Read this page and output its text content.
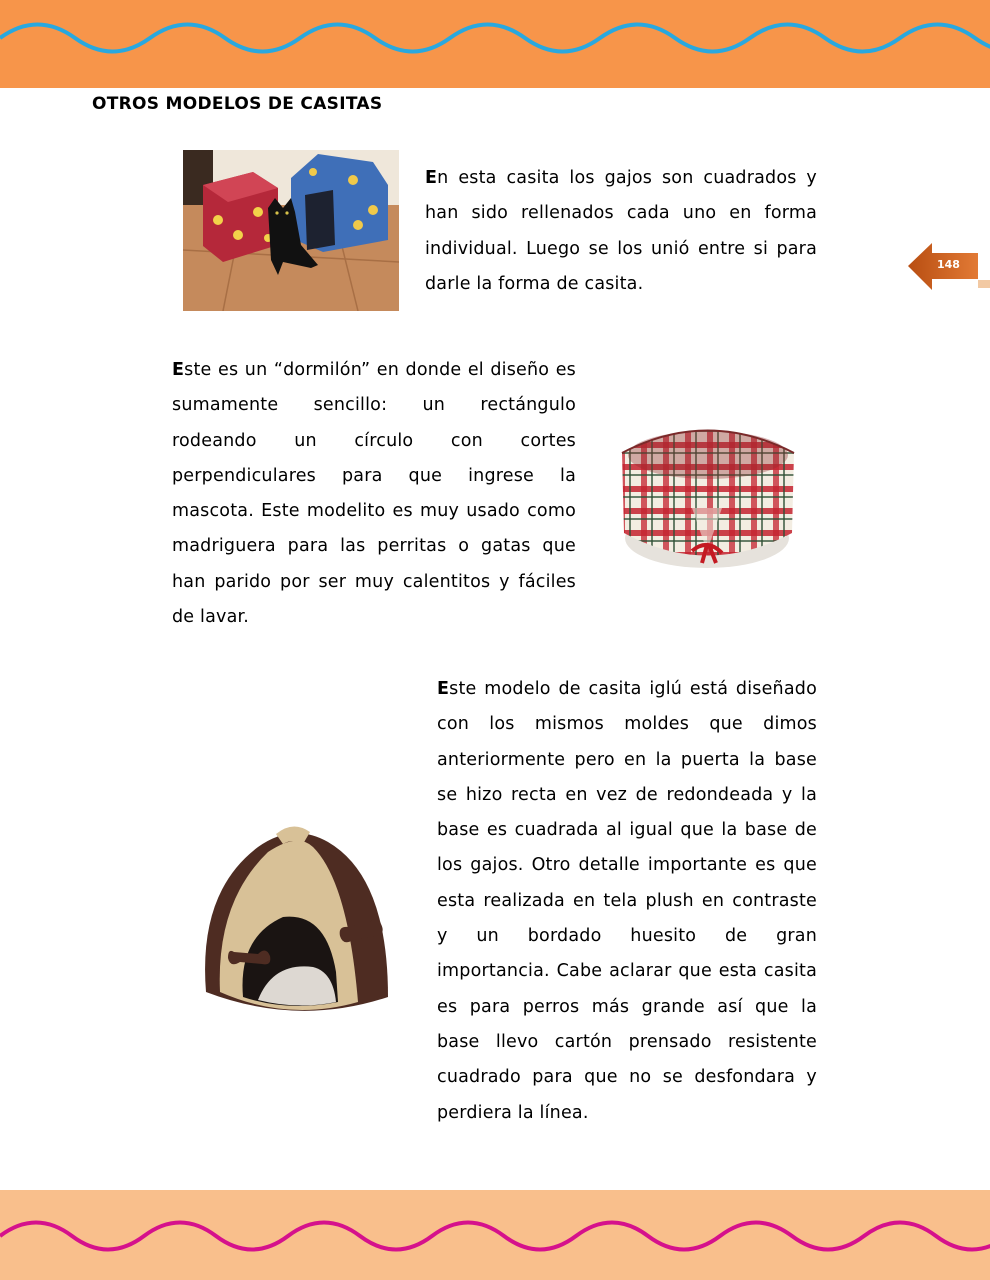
OTROS MODELOS DE CASITAS
148
En esta casita los gajos son cuadrados y han sido rellenados cada uno en forma individual. Luego se los unió entre si para darle la forma de casita.
Este es un “dormilón” en donde el diseño es sumamente sencillo: un rectángulo rodeando un círculo con cortes perpendiculares para que ingrese la mascota. Este modelito es muy usado como madriguera para las perritas o gatas que han parido por ser muy calentitos y fáciles de lavar.
Este modelo de casita iglú está diseñado con los mismos moldes que dimos anteriormente pero en la puerta la base se hizo recta en vez de redondeada y la base es cuadrada al igual que la base de los gajos. Otro detalle importante es que esta realizada en tela plush en contraste y un bordado huesito de gran importancia. Cabe aclarar que esta casita es para perros más grande así que la base llevo cartón prensado resistente cuadrado para que no se desfondara y perdiera la línea.
